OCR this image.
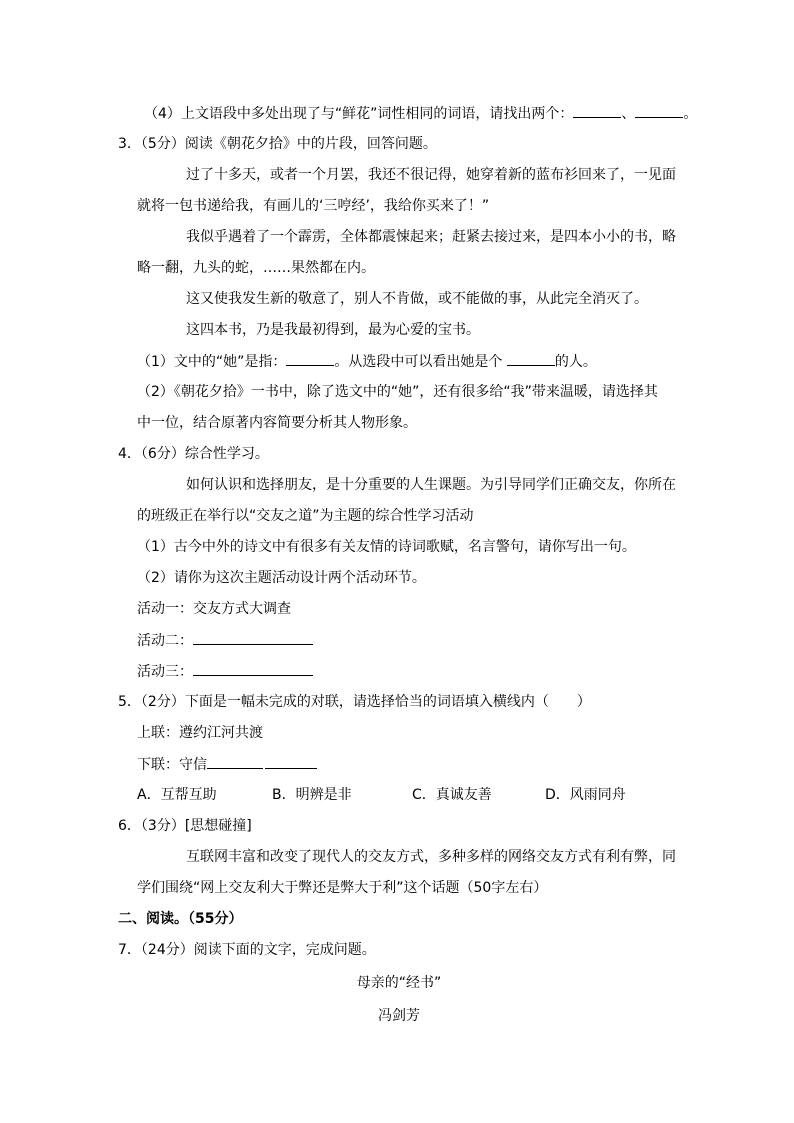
（4）上文语段中多处出现了与“鲜花”词性相同的词语，请找出两个：	、	。
3．（5分）阅读《朝花夕拾》中的片段，回答问题。
过了十多天，或者一个月罢，我还不很记得，她穿着新的蓝布衫回来了，一见面
就将一包书递给我，有画儿的‘三哼经’，我给你买来了！”
我似乎遇着了一个霹雳，全体都震悚起来；赶紧去接过来，是四本小小的书，略
略一翻，九头的蛇，……果然都在内。
这又使我发生新的敬意了，别人不肯做，或不能做的事，从此完全消灭了。
这四本书，乃是我最初得到，最为心爱的宝书。
（1）文中的“她”是指：	。从选段中可以看出她是个	的人。
（2）《朝花夕拾》一书中，除了选文中的“她”，还有很多给“我”带来温暖，请选择其
中一位，结合原著内容简要分析其人物形象。
4．（6分）综合性学习。
如何认识和选择朋友，是十分重要的人生课题。为引导同学们正确交友，你所在
的班级正在举行以“交友之道”为主题的综合性学习活动
（1）古今中外的诗文中有很多有关友情的诗词歌赋，名言警句，请你写出一句。
（2）请你为这次主题活动设计两个活动环节。
活动一：交友方式大调查
活动二：
活动三：
5．（2分）下面是一幅未完成的对联，请选择恰当的词语填入横线内（　　）
上联：遵约江河共渡
下联：守信
A．互帮互助	B．明辨是非	C．真诚友善	D．风雨同舟
6．（3分）[思想碰撞]
互联网丰富和改变了现代人的交友方式，多种多样的网络交友方式有利有弊，同
学们围绕“网上交友利大于弊还是弊大于利”这个话题（50字左右）
二、阅读。（55分）
7．（24分）阅读下面的文字，完成问题。
母亲的“经书”
冯剑芳
